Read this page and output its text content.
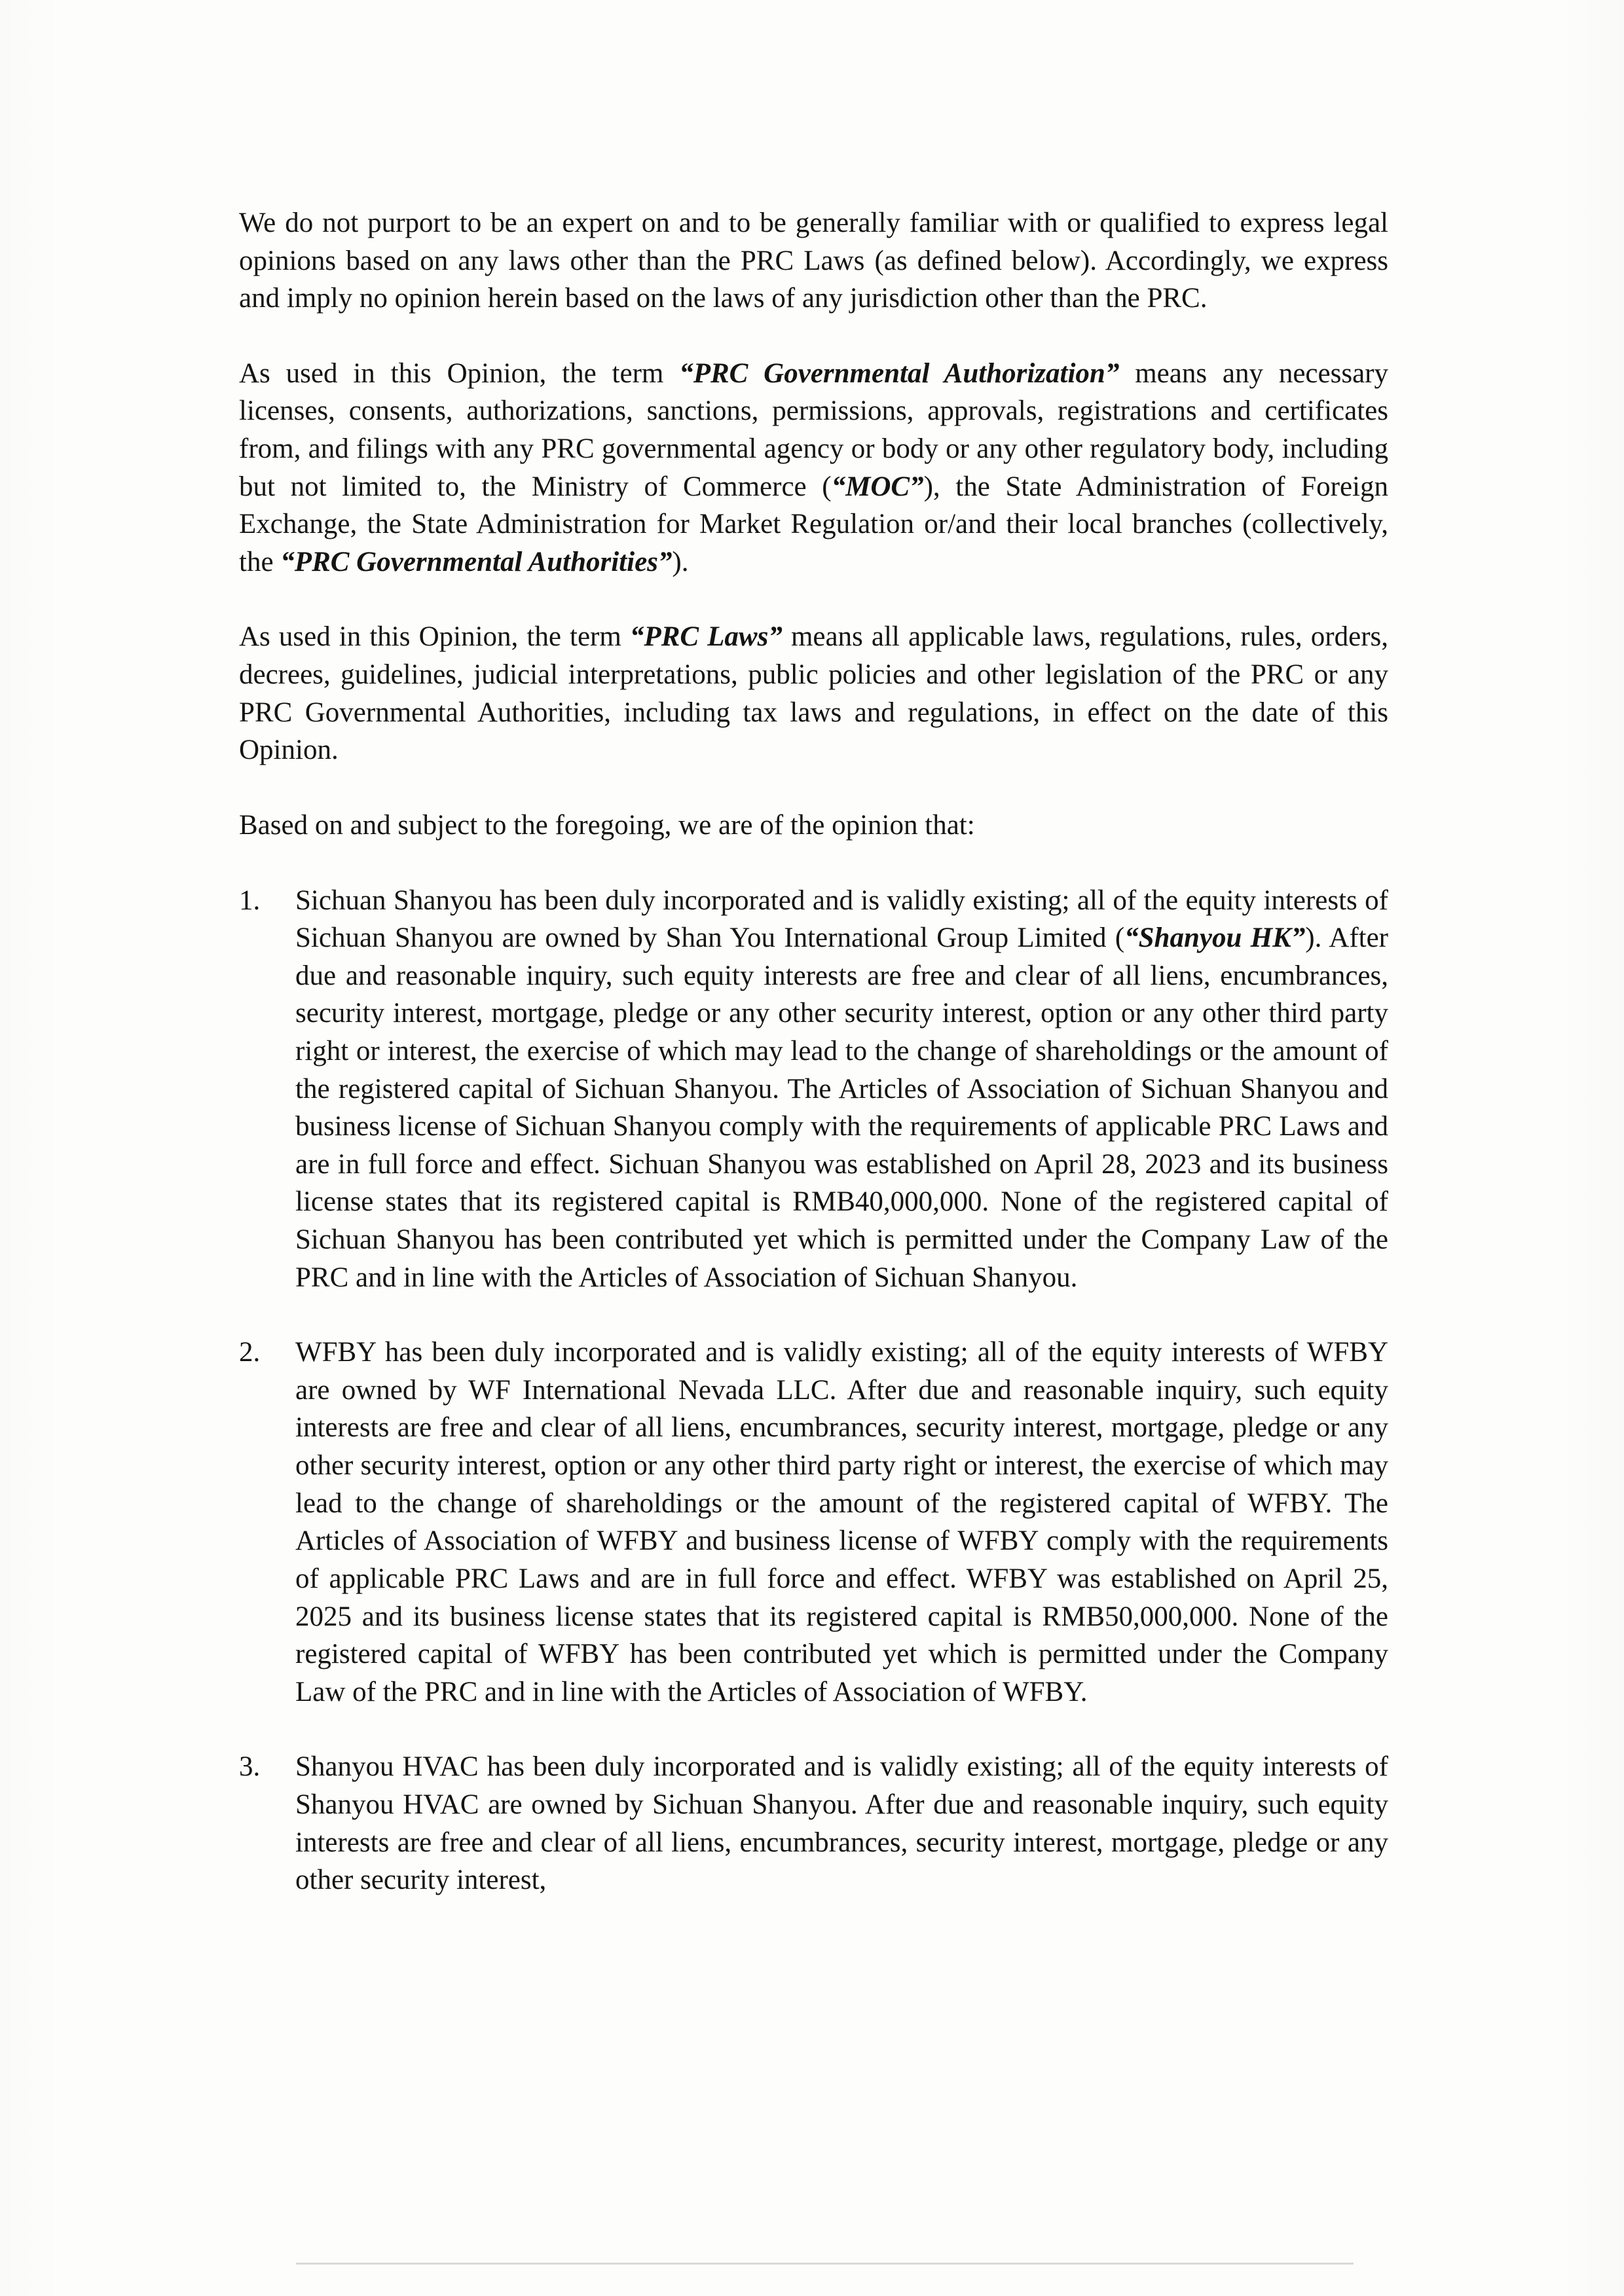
We do not purport to be an expert on and to be generally familiar with or qualified to express legal opinions based on any laws other than the PRC Laws (as defined below). Accordingly, we express and imply no opinion herein based on the laws of any jurisdiction other than the PRC.
As used in this Opinion, the term “PRC Governmental Authorization” means any necessary licenses, consents, authorizations, sanctions, permissions, approvals, registrations and certificates from, and filings with any PRC governmental agency or body or any other regulatory body, including but not limited to, the Ministry of Commerce (“MOC”), the State Administration of Foreign Exchange, the State Administration for Market Regulation or/and their local branches (collectively, the “PRC Governmental Authorities”).
As used in this Opinion, the term “PRC Laws” means all applicable laws, regulations, rules, orders, decrees, guidelines, judicial interpretations, public policies and other legislation of the PRC or any PRC Governmental Authorities, including tax laws and regulations, in effect on the date of this Opinion.
Based on and subject to the foregoing, we are of the opinion that:
1. Sichuan Shanyou has been duly incorporated and is validly existing; all of the equity interests of Sichuan Shanyou are owned by Shan You International Group Limited (“Shanyou HK”). After due and reasonable inquiry, such equity interests are free and clear of all liens, encumbrances, security interest, mortgage, pledge or any other security interest, option or any other third party right or interest, the exercise of which may lead to the change of shareholdings or the amount of the registered capital of Sichuan Shanyou. The Articles of Association of Sichuan Shanyou and business license of Sichuan Shanyou comply with the requirements of applicable PRC Laws and are in full force and effect. Sichuan Shanyou was established on April 28, 2023 and its business license states that its registered capital is RMB40,000,000. None of the registered capital of Sichuan Shanyou has been contributed yet which is permitted under the Company Law of the PRC and in line with the Articles of Association of Sichuan Shanyou.
2. WFBY has been duly incorporated and is validly existing; all of the equity interests of WFBY are owned by WF International Nevada LLC. After due and reasonable inquiry, such equity interests are free and clear of all liens, encumbrances, security interest, mortgage, pledge or any other security interest, option or any other third party right or interest, the exercise of which may lead to the change of shareholdings or the amount of the registered capital of WFBY. The Articles of Association of WFBY and business license of WFBY comply with the requirements of applicable PRC Laws and are in full force and effect. WFBY was established on April 25, 2025 and its business license states that its registered capital is RMB50,000,000. None of the registered capital of WFBY has been contributed yet which is permitted under the Company Law of the PRC and in line with the Articles of Association of WFBY.
3. Shanyou HVAC has been duly incorporated and is validly existing; all of the equity interests of Shanyou HVAC are owned by Sichuan Shanyou. After due and reasonable inquiry, such equity interests are free and clear of all liens, encumbrances, security interest, mortgage, pledge or any other security interest,
